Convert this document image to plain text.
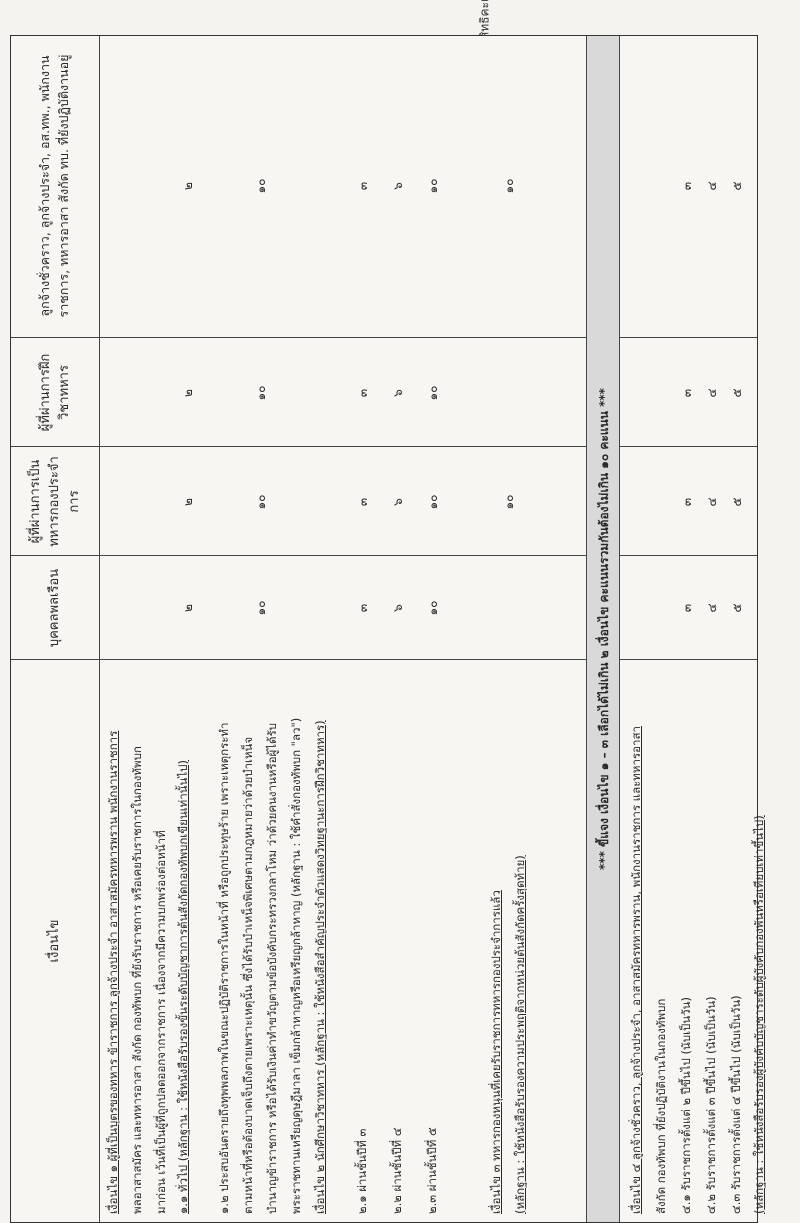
เงื่อนไข
บุคคลพลเรือน
ผู้ที่ผ่านการเป็นทหารกองประจำการ
ผู้ที่ผ่านการฝึกวิชาทหาร
ลูกจ้างชั่วคราว, ลูกจ้างประจำ, อส.ทพ., พนักงานราชการ, ทหารอาสา สังกัด ทบ. ที่ยังปฏิบัติงานอยู่
เงื่อนไข ๑ ผู้ที่เป็นบุตรของทหาร ข้าราชการ ลูกจ้างประจำ อาสาสมัครทหารพราน พนักงานราชการ พลอาสาสมัคร และทหารอาสา สังกัด กองทัพบก ที่ยังรับราชการ หรือเคยรับราชการในกองทัพบก มาก่อน เว้นที่เป็นผู้ที่ถูกปลดออกจากราชการ เนื่องจากมีความบกพร่องต่อหน้าที่ ๑.๑ ทั่วไป (หลักฐาน : ใช้หนังสือรับรองขั้นระดับบัญชาการต้นสังกัดกองทัพบกเขียนเท่านั้นไป) ๑.๒ ประสบอันตรายถึงทุพพลภาพในขณะปฏิบัติราชการในหน้าที่ หรือถูกประทุษร้าย เพราะเหตุกระทำ ตามหน้าที่หรือต้องบาดเจ็บถึงตายเพราะเหตุนั้น ซึ่งได้รับบำเหน็จพิเศษตามกฎหมายว่าด้วยบำเหน็จ บำนาญข้าราชการ หรือได้รับเงินค่าทำขวัญตามข้อบังคับกระทรวงกลาโหม ว่าด้วยคนงานหรือผู้ได้รับ พระราชทานเหรียญดุษฎีมาลา เข็มกล้าหาญหรือเหรียญกล้าหาญ (หลักฐาน : ใช้คำสั่งกองทัพบก "ลว") เงื่อนไข ๒ นักศึกษาวิชาทหาร (หลักฐาน : ใช้หนังสือสำคัญประจำตัวแสดงวิทยฐานะการฝึกวิชาทหาร) ๒.๑ ผ่านชั้นปีที่ ๓ ๒.๒ ผ่านชั้นปีที่ ๔ ๒.๓ ผ่านชั้นปีที่ ๕	เงื่อนไข ๓ ทหารกองหนุนที่เคยรับราชการทหารกองประจำการแล้ว (หลักฐาน : ใช้หนังสือรับรองความประพฤติจากหน่วยต้นสังกัดครั้งสุดท้าย)
๒
๒
๒
๒
๑๐
๑๐
๑๐
๑๐
๓
๓
๓
๓
๖
๖
๖
๖
๑๐
๑๐
๑๐
๑๐
๑๐
๑๐
*** ขี้แจง เงื่อนไข ๑ – ๓ เลือกได้ไม่เกิน ๒ เงื่อนไข คะแนนรวมกันต้องไม่เกิน ๑๐ คะแนน ***
เงื่อนไข ๔ ลูกจ้างชั่วคราว, ลูกจ้างประจำ, อาสาสมัครทหารพราน, พนักงานราชการ และทหารอาสา สังกัด กองทัพบก ที่ยังปฏิบัติงานในกองทัพบก ๔.๑ รับราชการตั้งแต่ ๒ ปีขึ้นไป (นับเป็นวัน) ๔.๒ รับราชการตั้งแต่ ๓ ปีขึ้นไป (นับเป็นวัน) ๔.๓ รับราชการตั้งแต่ ๔ ปีขึ้นไป (นับเป็นวัน) (หลักฐาน : ใช้หนังสือรับรองผู้บังคับบัญชาระดับผู้บังคับกองพันหรือเทียบเท่าขึ้นไป)
๓
๓
๓
๓
๔
๔
๔
๔
๕
๕
๕
๕
